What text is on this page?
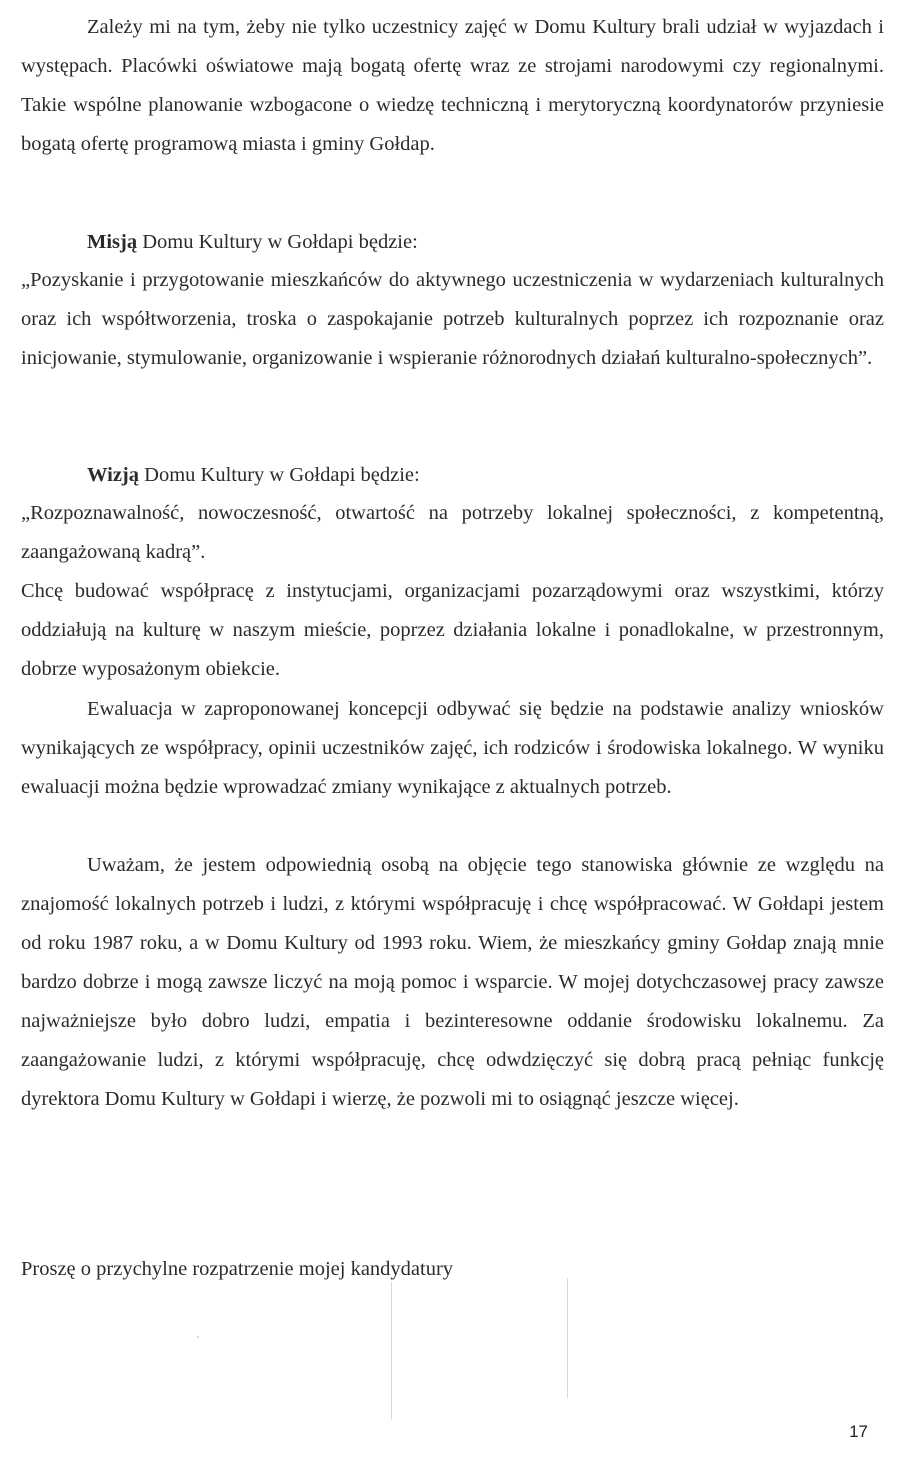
Zależy mi na tym, żeby nie tylko uczestnicy zajęć w Domu Kultury brali udział w wyjazdach i występach. Placówki oświatowe mają bogatą ofertę wraz ze strojami narodowymi czy regionalnymi. Takie wspólne planowanie wzbogacone o wiedzę techniczną i merytoryczną koordynatorów przyniesie bogatą ofertę programową miasta i gminy Gołdap.

Misją Domu Kultury w Gołdapi będzie:

„Pozyskanie i przygotowanie mieszkańców do aktywnego uczestniczenia w wydarzeniach kulturalnych oraz ich współtworzenia, troska o zaspokajanie potrzeb kulturalnych poprzez ich rozpoznanie oraz inicjowanie, stymulowanie, organizowanie i wspieranie różnorodnych działań kulturalno-społecznych”.

Wizją Domu Kultury w Gołdapi będzie:

„Rozpoznawalność, nowoczesność, otwartość na potrzeby lokalnej społeczności, z kompetentną, zaangażowaną kadrą”.

Chcę budować współpracę z instytucjami, organizacjami pozarządowymi oraz wszystkimi, którzy oddziałują na kulturę w naszym mieście, poprzez działania lokalne i ponadlokalne, w przestronnym, dobrze wyposażonym obiekcie.

Ewaluacja w zaproponowanej koncepcji odbywać się będzie na podstawie analizy wniosków wynikających ze współpracy, opinii uczestników zajęć, ich rodziców i środowiska lokalnego. W wyniku ewaluacji można będzie wprowadzać zmiany wynikające z aktualnych potrzeb.

Uważam, że jestem odpowiednią osobą na objęcie tego stanowiska głównie ze względu na znajomość lokalnych potrzeb i ludzi, z którymi współpracuję i chcę współpracować. W Gołdapi jestem od roku 1987 roku, a w Domu Kultury od 1993 roku. Wiem, że mieszkańcy gminy Gołdap znają mnie bardzo dobrze i mogą zawsze liczyć na moją pomoc i wsparcie. W mojej dotychczasowej pracy zawsze najważniejsze było dobro ludzi, empatia i bezinteresowne oddanie środowisku lokalnemu. Za zaangażowanie ludzi, z którymi współpracuję, chcę odwdzięczyć się dobrą pracą pełniąc funkcję dyrektora Domu Kultury w Gołdapi i wierzę, że pozwoli mi to osiągnąć jeszcze więcej.

Proszę o przychylne rozpatrzenie mojej kandydatury

17
